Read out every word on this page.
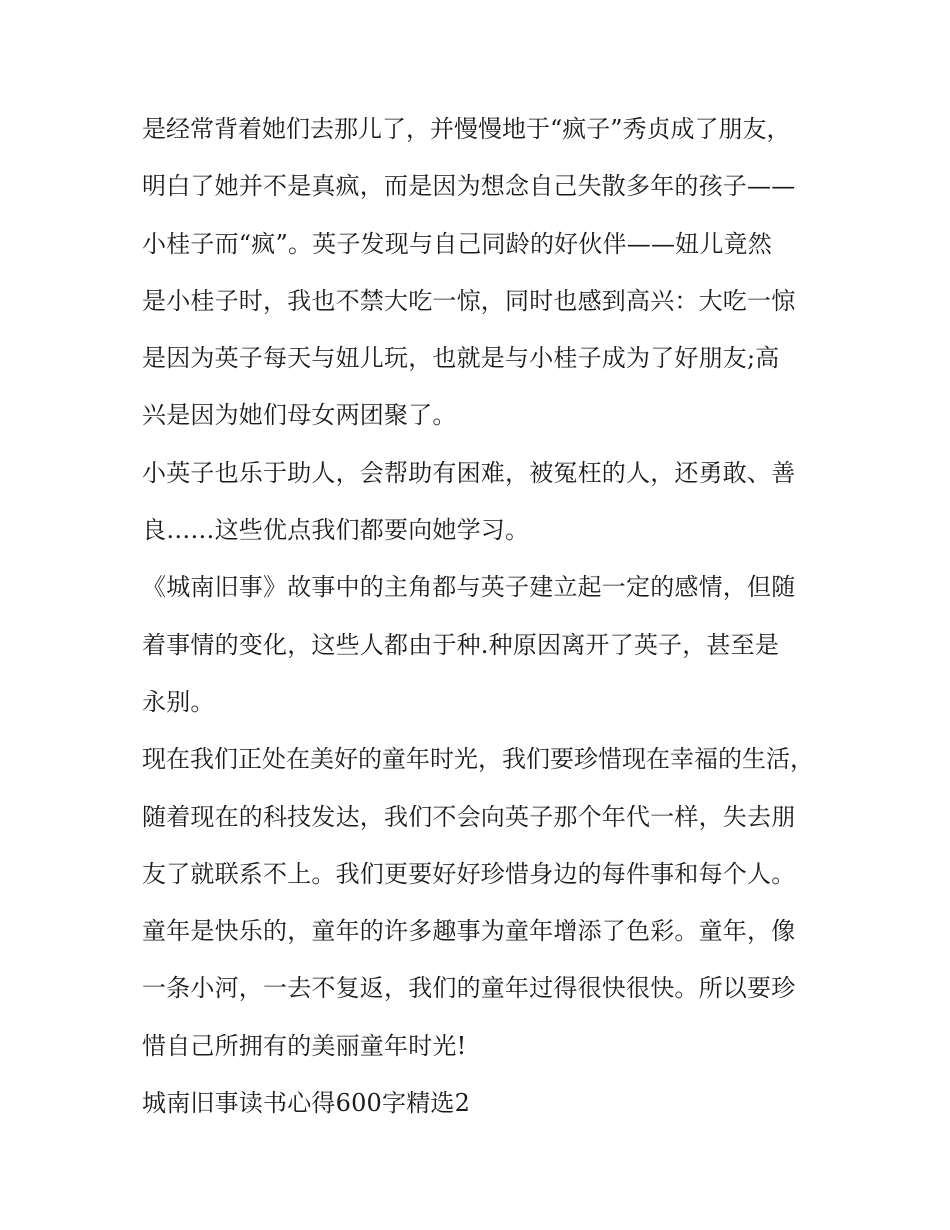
是经常背着她们去那儿了，并慢慢地于“疯子”秀贞成了朋友，
明白了她并不是真疯，而是因为想念自己失散多年的孩子——
小桂子而“疯”。英子发现与自己同龄的好伙伴——妞儿竟然
是小桂子时，我也不禁大吃一惊，同时也感到高兴：大吃一惊
是因为英子每天与妞儿玩，也就是与小桂子成为了好朋友;高
兴是因为她们母女两团聚了。
小英子也乐于助人，会帮助有困难，被冤枉的人，还勇敢、善
良……这些优点我们都要向她学习。
《城南旧事》故事中的主角都与英子建立起一定的感情，但随
着事情的变化，这些人都由于种.种原因离开了英子，甚至是
永别。
现在我们正处在美好的童年时光，我们要珍惜现在幸福的生活，
随着现在的科技发达，我们不会向英子那个年代一样，失去朋
友了就联系不上。我们更要好好珍惜身边的每件事和每个人。
童年是快乐的，童年的许多趣事为童年增添了色彩。童年，像
一条小河，一去不复返，我们的童年过得很快很快。所以要珍
惜自己所拥有的美丽童年时光!
城南旧事读书心得600字精选2
